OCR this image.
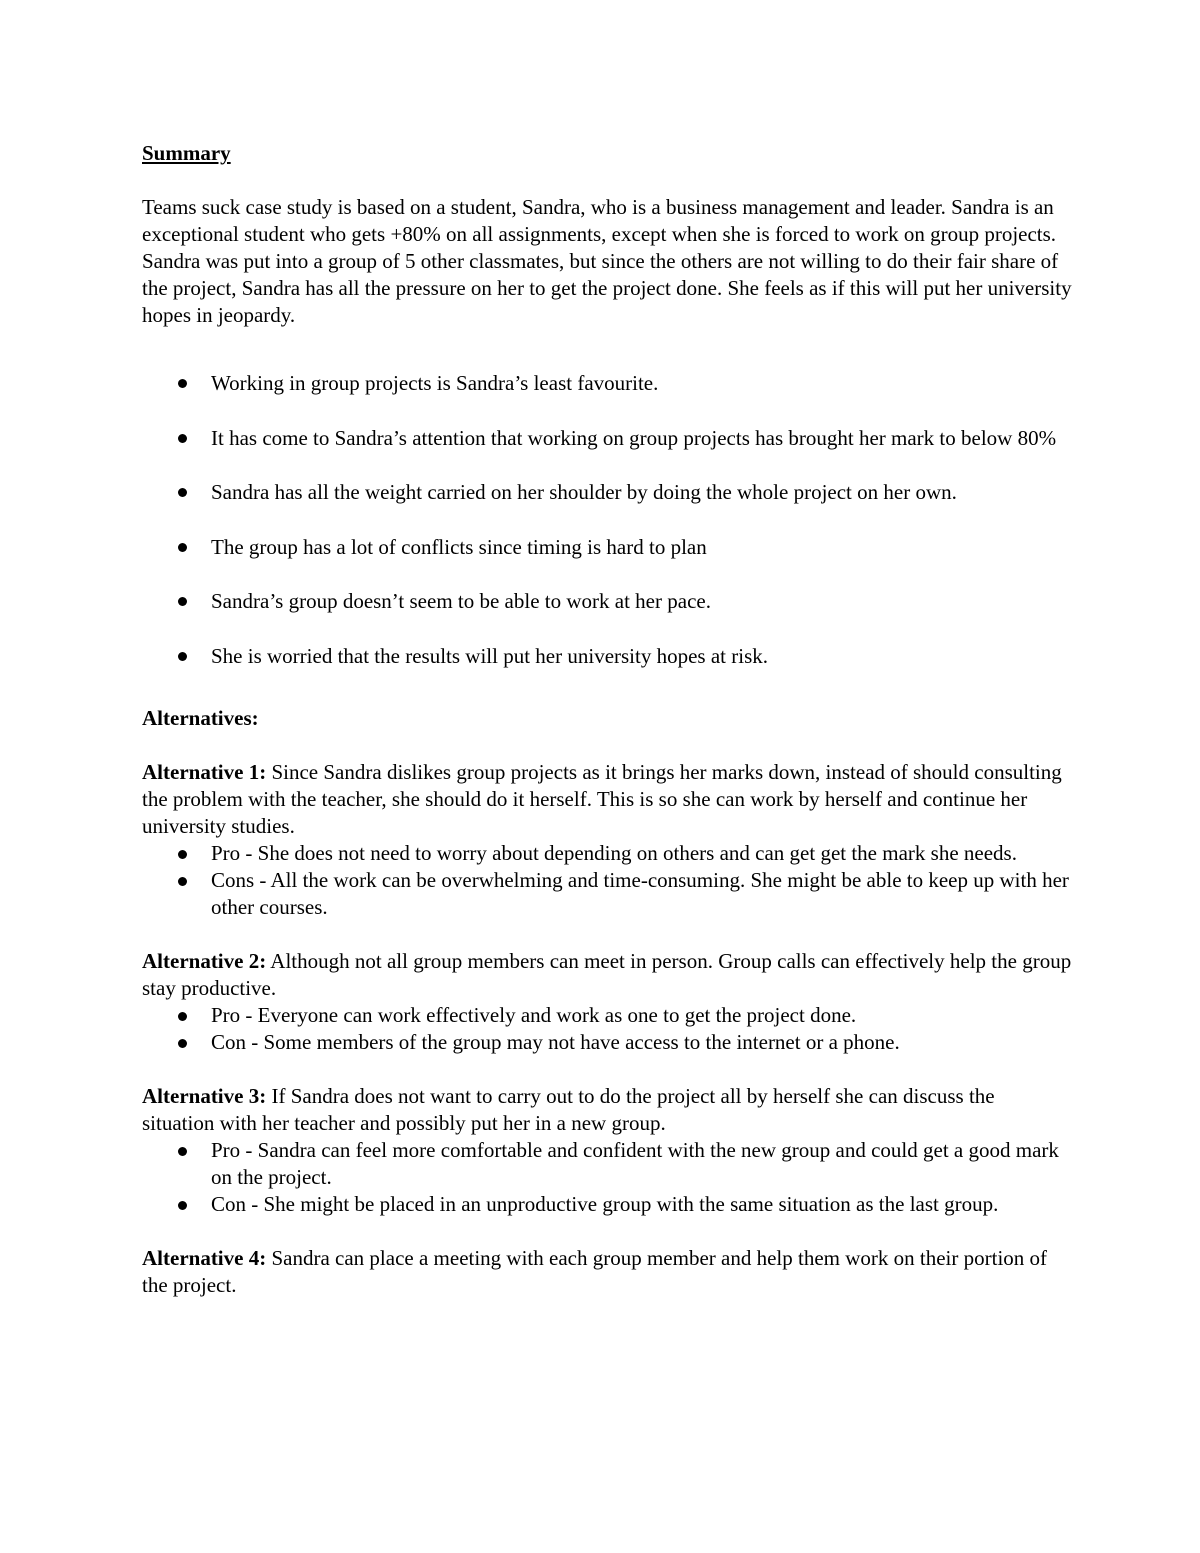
Summary

Teams suck case study is based on a student, Sandra, who is a business management and leader. Sandra is an exceptional student who gets +80% on all assignments, except when she is forced to work on group projects. Sandra was put into a group of 5 other classmates, but since the others are not willing to do their fair share of the project, Sandra has all the pressure on her to get the project done. She feels as if this will put her university hopes in jeopardy.

Working in group projects is Sandra’s least favourite.
It has come to Sandra’s attention that working on group projects has brought her mark to below 80%
Sandra has all the weight carried on her shoulder by doing the whole project on her own.
The group has a lot of conflicts since timing is hard to plan
Sandra’s group doesn’t seem to be able to work at her pace.
She is worried that the results will put her university hopes at risk.

Alternatives:

Alternative 1: Since Sandra dislikes group projects as it brings her marks down, instead of should consulting the problem with the teacher, she should do it herself. This is so she can work by herself and continue her university studies.

Pro - She does not need to worry about depending on others and can get get the mark she needs.
Cons - All the work can be overwhelming and time-consuming. She might be able to keep up with her other courses.

Alternative 2: Although not all group members can meet in person. Group calls can effectively help the group stay productive.

Pro - Everyone can work effectively and work as one to get the project done.
Con - Some members of the group may not have access to the internet or a phone.

Alternative 3: If Sandra does not want to carry out to do the project all by herself she can discuss the situation with her teacher and possibly put her in a new group.

Pro - Sandra can feel more comfortable and confident with the new group and could get a good mark on the project.
Con - She might be placed in an unproductive group with the same situation as the last group.

Alternative 4: Sandra can place a meeting with each group member and help them work on their portion of the project.
